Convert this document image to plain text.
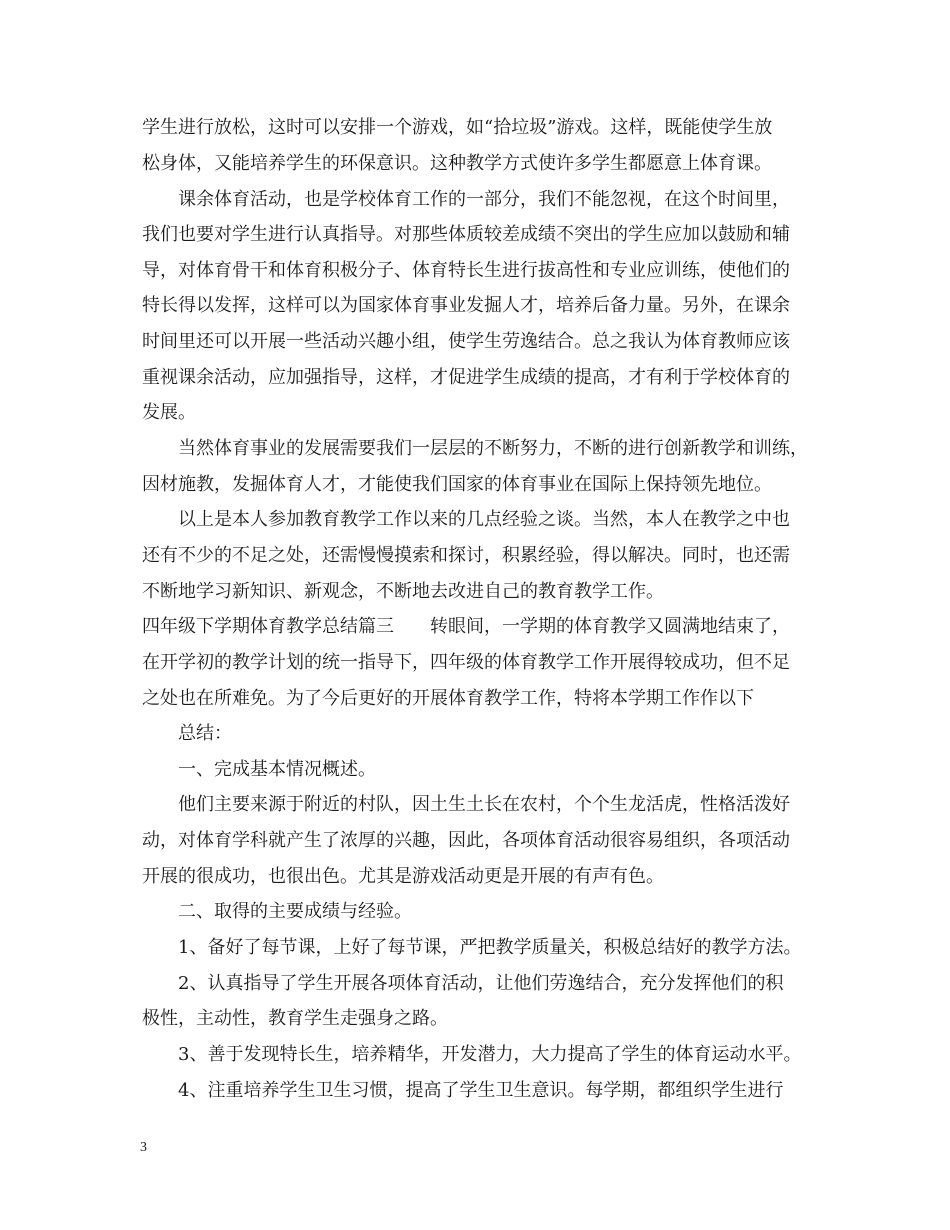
学生进行放松，这时可以安排一个游戏，如“拾垃圾”游戏。这样，既能使学生放
松身体，又能培养学生的环保意识。这种教学方式使许多学生都愿意上体育课。
课余体育活动，也是学校体育工作的一部分，我们不能忽视，在这个时间里，
我们也要对学生进行认真指导。对那些体质较差成绩不突出的学生应加以鼓励和辅
导，对体育骨干和体育积极分子、体育特长生进行拔高性和专业应训练，使他们的
特长得以发挥，这样可以为国家体育事业发掘人才，培养后备力量。另外，在课余
时间里还可以开展一些活动兴趣小组，使学生劳逸结合。总之我认为体育教师应该
重视课余活动，应加强指导，这样，才促进学生成绩的提高，才有利于学校体育的
发展。
当然体育事业的发展需要我们一层层的不断努力，不断的进行创新教学和训练，
因材施教，发掘体育人才，才能使我们国家的体育事业在国际上保持领先地位。
以上是本人参加教育教学工作以来的几点经验之谈。当然，本人在教学之中也
还有不少的不足之处，还需慢慢摸索和探讨，积累经验，得以解决。同时，也还需
不断地学习新知识、新观念，不断地去改进自己的教育教学工作。
四年级下学期体育教学总结篇三　　转眼间，一学期的体育教学又圆满地结束了，
在开学初的教学计划的统一指导下，四年级的体育教学工作开展得较成功，但不足
之处也在所难免。为了今后更好的开展体育教学工作，特将本学期工作作以下
总结：
一、完成基本情况概述。
他们主要来源于附近的村队，因土生土长在农村，个个生龙活虎，性格活泼好
动，对体育学科就产生了浓厚的兴趣，因此，各项体育活动很容易组织，各项活动
开展的很成功，也很出色。尤其是游戏活动更是开展的有声有色。
二、取得的主要成绩与经验。
1、备好了每节课，上好了每节课，严把教学质量关，积极总结好的教学方法。
2、认真指导了学生开展各项体育活动，让他们劳逸结合，充分发挥他们的积
极性，主动性，教育学生走强身之路。
3、善于发现特长生，培养精华，开发潜力，大力提高了学生的体育运动水平。
4、注重培养学生卫生习惯，提高了学生卫生意识。每学期，都组织学生进行
3
